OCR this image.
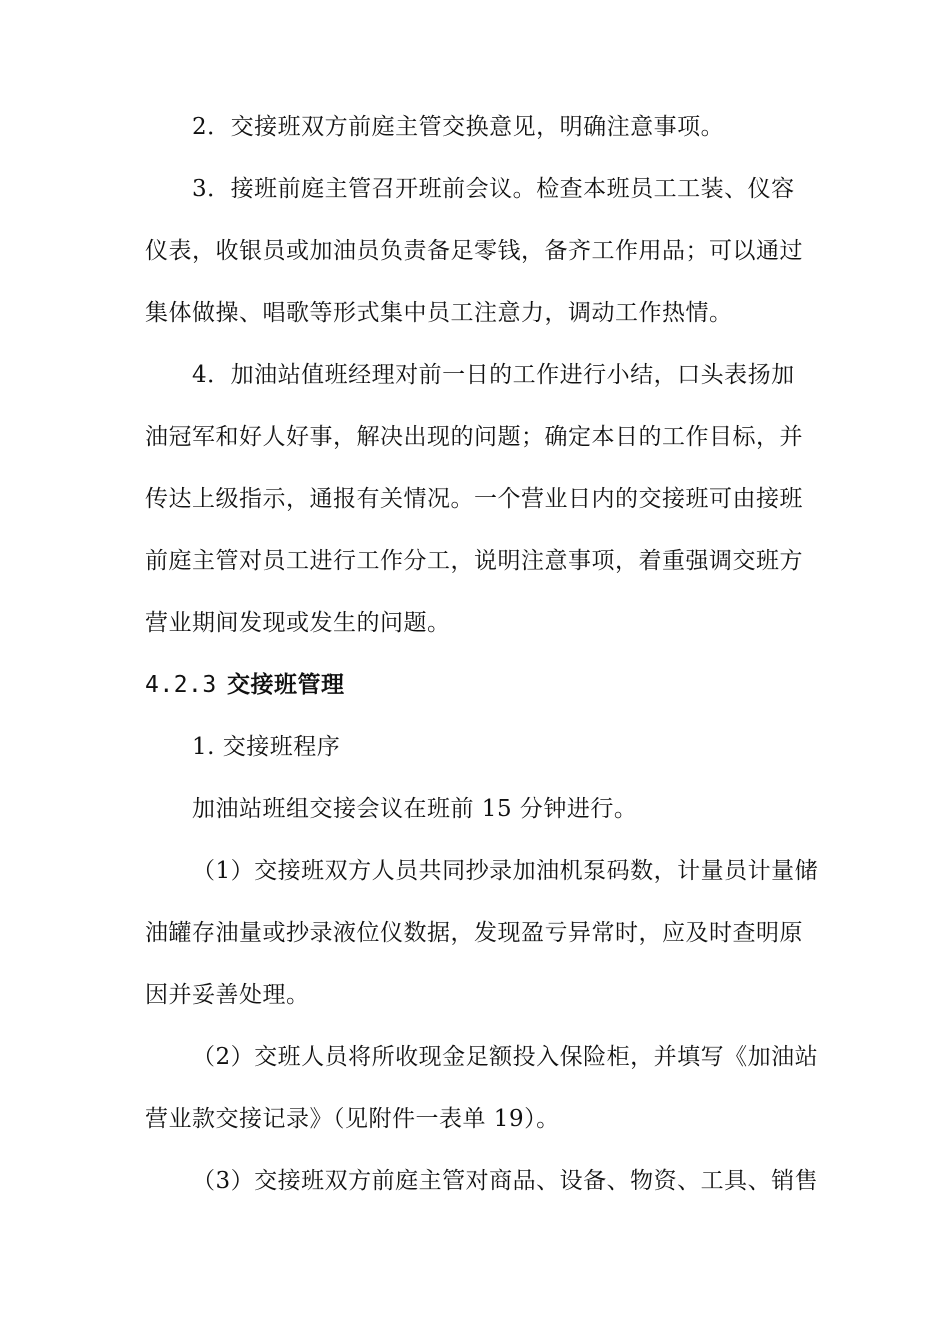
2．交接班双方前庭主管交换意见，明确注意事项。
3．接班前庭主管召开班前会议。检查本班员工工装、仪容
仪表，收银员或加油员负责备足零钱，备齐工作用品；可以通过
集体做操、唱歌等形式集中员工注意力，调动工作热情。
4．加油站值班经理对前一日的工作进行小结，口头表扬加
油冠军和好人好事，解决出现的问题；确定本日的工作目标，并
传达上级指示，通报有关情况。一个营业日内的交接班可由接班
前庭主管对员工进行工作分工，说明注意事项，着重强调交班方
营业期间发现或发生的问题。
4.2.3 交接班管理
1. 交接班程序
加油站班组交接会议在班前 15 分钟进行。
（1）交接班双方人员共同抄录加油机泵码数，计量员计量储
油罐存油量或抄录液位仪数据，发现盈亏异常时，应及时查明原
因并妥善处理。
（2）交班人员将所收现金足额投入保险柜，并填写《加油站
营业款交接记录》（见附件一表单 19）。
（3）交接班双方前庭主管对商品、设备、物资、工具、销售
